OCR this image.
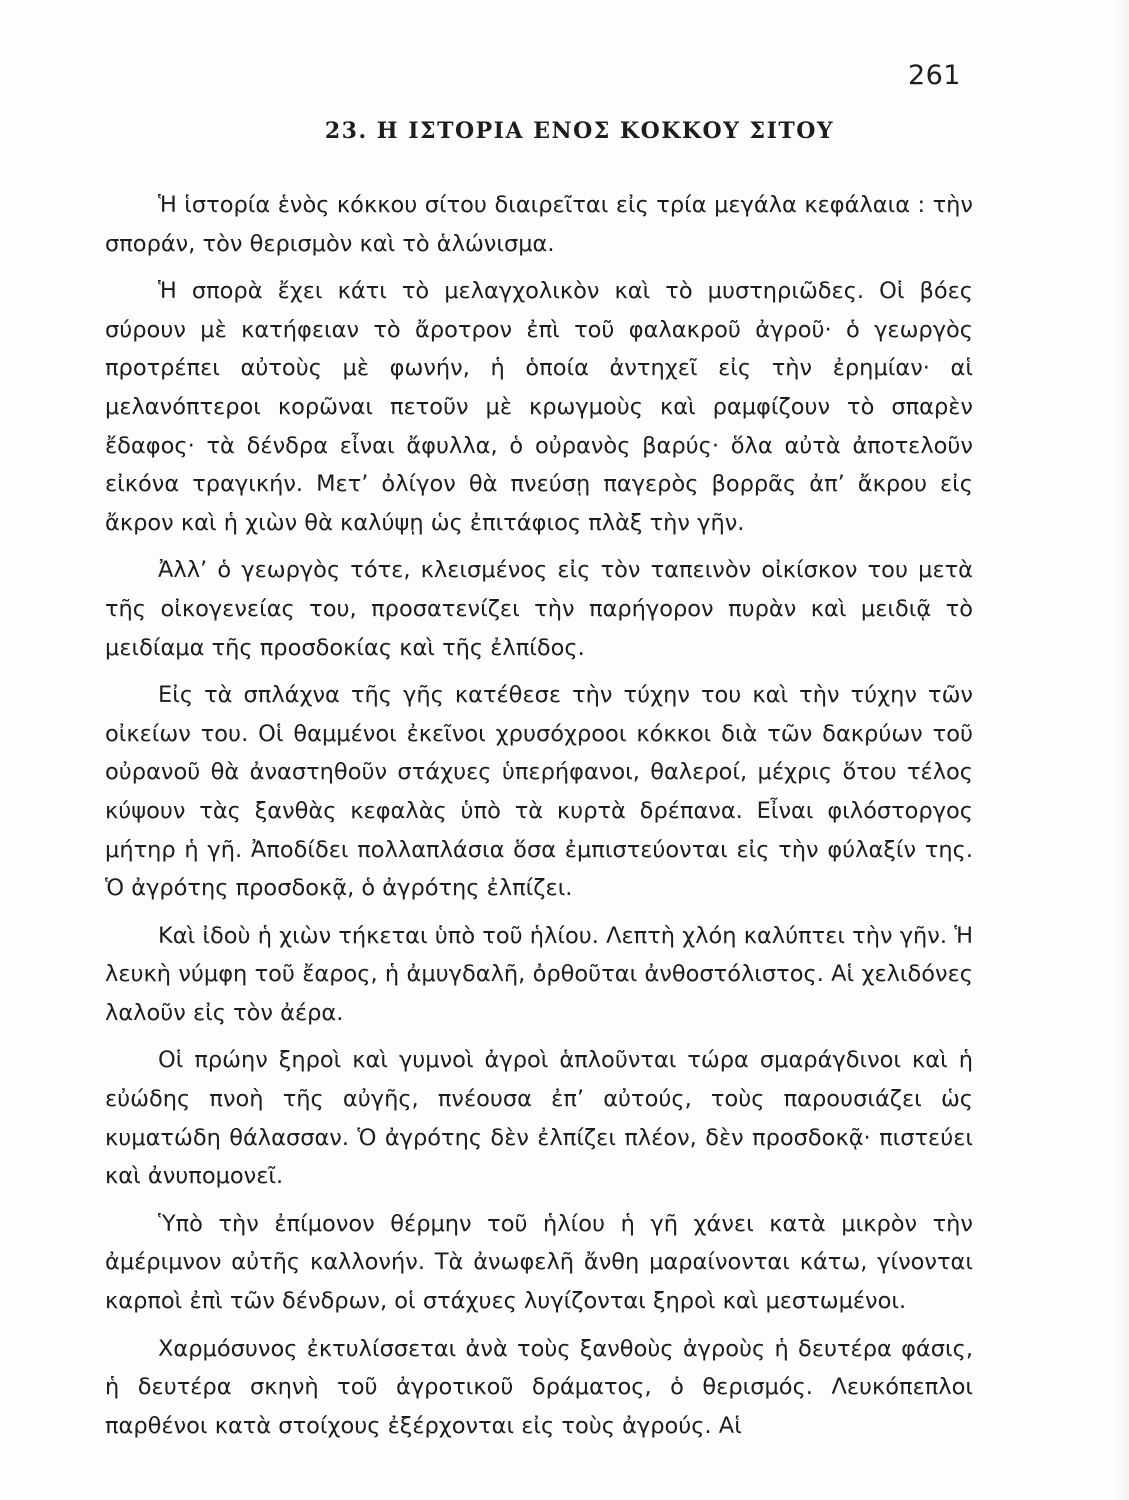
261
23. Η ΙΣΤΟΡΙΑ ΕΝΟΣ ΚΟΚΚΟΥ ΣΙΤΟΥ

Ἡ ἱστορία ἑνὸς κόκκου σίτου διαιρεῖται εἰς τρία μεγάλα κεφάλαια : τὴν σποράν, τὸν θερισμὸν καὶ τὸ ἁλώνισμα.

Ἡ σπορὰ ἔχει κάτι τὸ μελαγχολικὸν καὶ τὸ μυστηριῶδες. Οἱ βόες σύρουν μὲ κατήφειαν τὸ ἄροτρον ἐπὶ τοῦ φαλακροῦ ἀγροῦ· ὁ γεωργὸς προτρέπει αὐτοὺς μὲ φωνήν, ἡ ὁποία ἀντηχεῖ εἰς τὴν ἐρημίαν· αἱ μελανόπτεροι κορῶναι πετοῦν μὲ κρωγμοὺς καὶ ραμφίζουν τὸ σπαρὲν ἔδαφος· τὰ δένδρα εἶναι ἄφυλλα, ὁ οὐρανὸς βαρύς· ὅλα αὐτὰ ἀποτελοῦν εἰκόνα τραγικήν. Μετ’ ὀλίγον θὰ πνεύσῃ παγερὸς βορρᾶς ἀπ’ ἄκρου εἰς ἄκρον καὶ ἡ χιὼν θὰ καλύψῃ ὡς ἐπιτάφιος πλὰξ τὴν γῆν.

Ἀλλ’ ὁ γεωργὸς τότε, κλεισμένος εἰς τὸν ταπεινὸν οἰκίσκον του μετὰ τῆς οἰκογενείας του, προσατενίζει τὴν παρήγορον πυρὰν καὶ μειδιᾷ τὸ μειδίαμα τῆς προσδοκίας καὶ τῆς ἐλπίδος.

Εἰς τὰ σπλάχνα τῆς γῆς κατέθεσε τὴν τύχην του καὶ τὴν τύχην τῶν οἰκείων του. Οἱ θαμμένοι ἐκεῖνοι χρυσόχροοι κόκκοι διὰ τῶν δακρύων τοῦ οὐρανοῦ θὰ ἀναστηθοῦν στάχυες ὑπερήφανοι, θαλεροί, μέχρις ὅτου τέλος κύψουν τὰς ξανθὰς κεφαλὰς ὑπὸ τὰ κυρτὰ δρέπανα. Εἶναι φιλόστοργος μήτηρ ἡ γῆ. Ἀποδίδει πολλαπλάσια ὅσα ἐμπιστεύονται εἰς τὴν φύλαξίν της. Ὁ ἀγρότης προσδοκᾷ, ὁ ἀγρότης ἐλπίζει.

Καὶ ἰδοὺ ἡ χιὼν τήκεται ὑπὸ τοῦ ἡλίου. Λεπτὴ χλόη καλύπτει τὴν γῆν. Ἡ λευκὴ νύμφη τοῦ ἔαρος, ἡ ἀμυγδαλῆ, ὀρθοῦται ἀνθοστόλιστος. Αἱ χελιδόνες λαλοῦν εἰς τὸν ἀέρα.

Οἱ πρώην ξηροὶ καὶ γυμνοὶ ἀγροὶ ἁπλοῦνται τώρα σμαράγδινοι καὶ ἡ εὐώδης πνοὴ τῆς αὐγῆς, πνέουσα ἐπ’ αὐτούς, τοὺς παρουσιάζει ὡς κυματώδη θάλασσαν. Ὁ ἀγρότης δὲν ἐλπίζει πλέον, δὲν προσδοκᾷ· πιστεύει καὶ ἀνυπομονεῖ.

Ὑπὸ τὴν ἐπίμονον θέρμην τοῦ ἡλίου ἡ γῆ χάνει κατὰ μικρὸν τὴν ἀμέριμνον αὐτῆς καλλονήν. Τὰ ἀνωφελῆ ἄνθη μαραίνονται κάτω, γίνονται καρποὶ ἐπὶ τῶν δένδρων, οἱ στάχυες λυγίζονται ξηροὶ καὶ μεστωμένοι.

Χαρμόσυνος ἐκτυλίσσεται ἀνὰ τοὺς ξανθοὺς ἀγροὺς ἡ δευτέρα φάσις, ἡ δευτέρα σκηνὴ τοῦ ἀγροτικοῦ δράματος, ὁ θερισμός. Λευκόπεπλοι παρθένοι κατὰ στοίχους ἐξέρχονται εἰς τοὺς ἀγρούς. Αἱ
